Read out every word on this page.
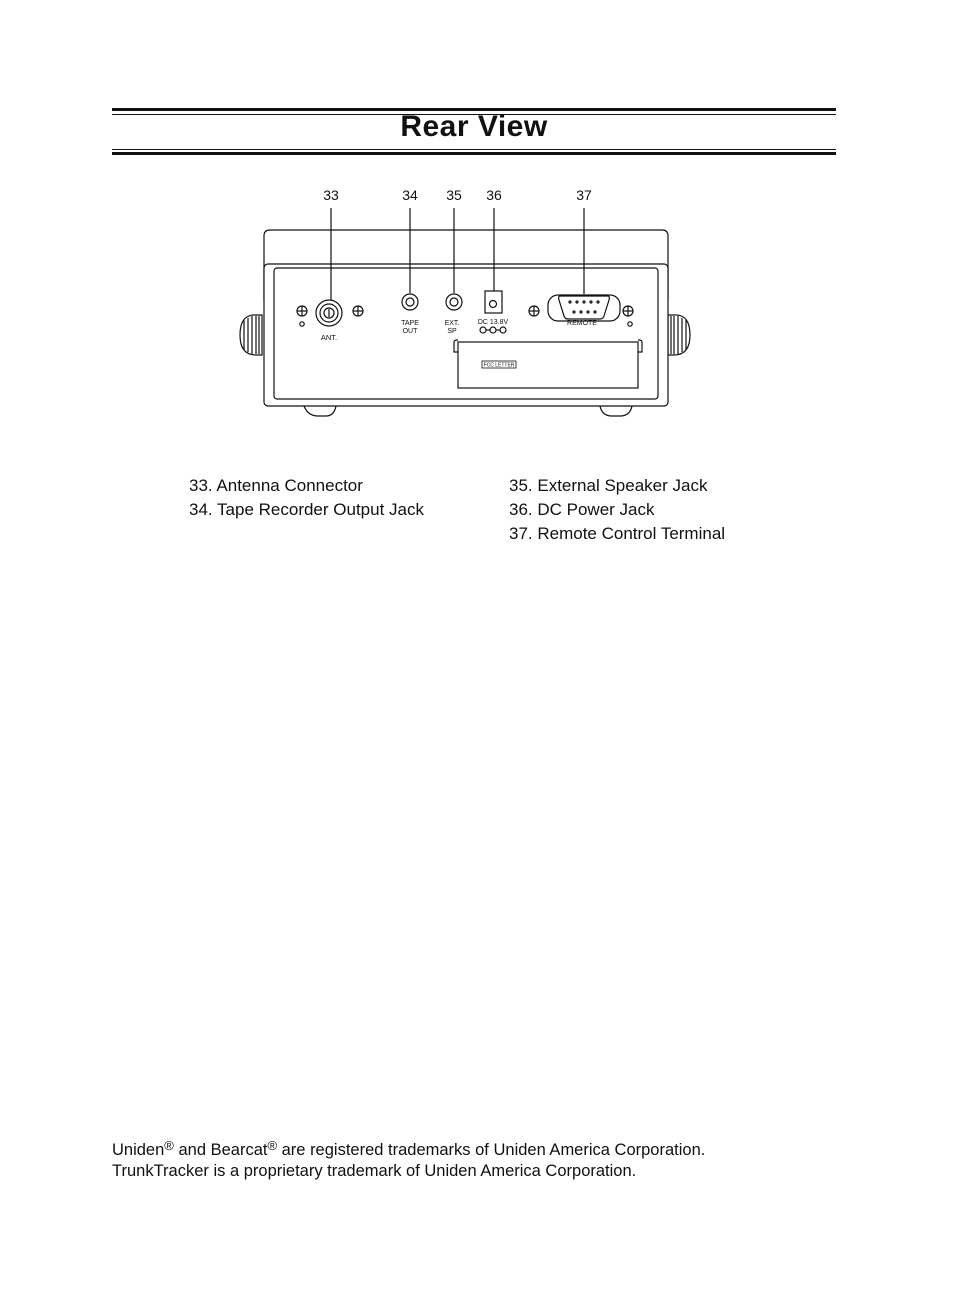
Rear View
33	34 35 36	37
ANT.
TAPE
OUT
EXT.
SP
DC 13.8V	REMOTE
FCC LETTER
33. Antenna Connector
34. Tape Recorder Output Jack
35. External Speaker Jack
36. DC Power Jack
37. Remote Control Terminal
Uniden® and Bearcat® are registered trademarks of Uniden America Corporation.
TrunkTracker is a proprietary trademark of Uniden America Corporation.
